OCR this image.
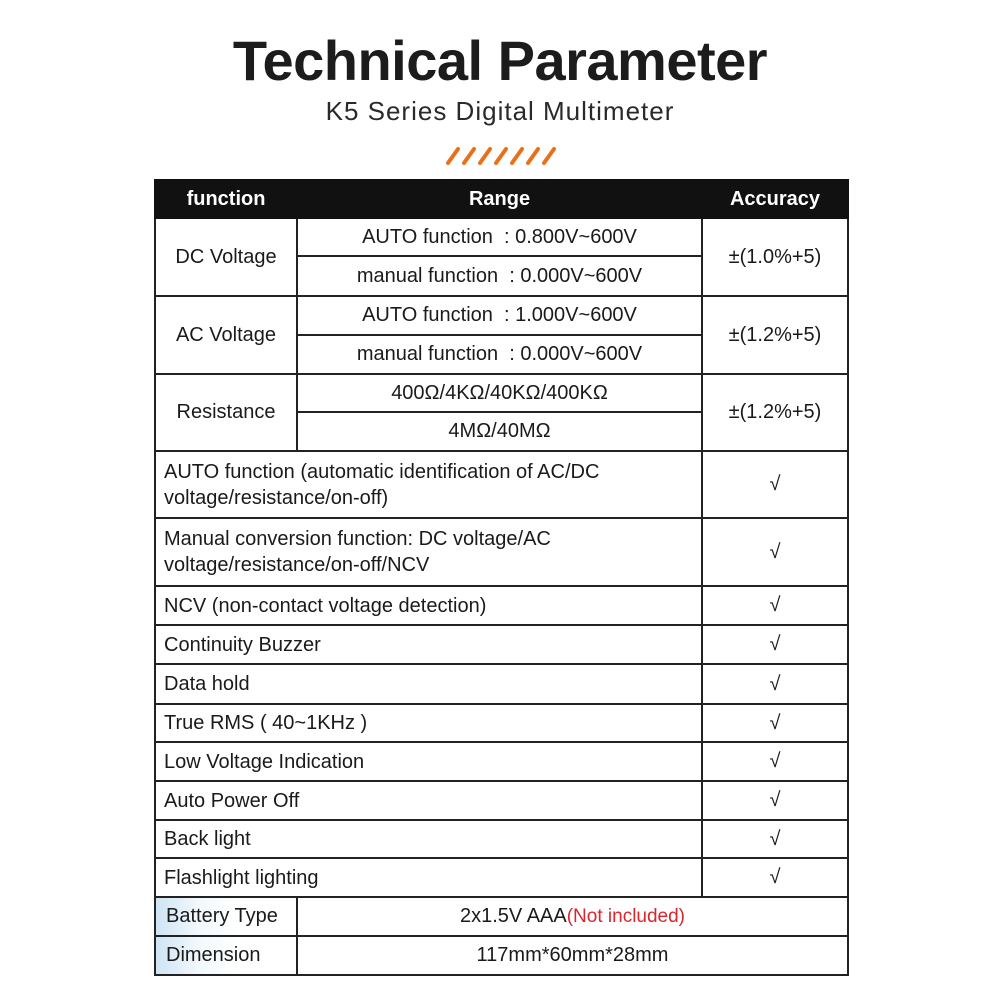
Technical Parameter
K5 Series Digital Multimeter
function	Range	Accuracy
DC Voltage	AUTO function  : 0.800V~600V	±(1.0%+5)
	manual function  : 0.000V~600V	
AC Voltage	AUTO function  : 1.000V~600V	±(1.2%+5)
	manual function  : 0.000V~600V	
Resistance	400Ω/4KΩ/40KΩ/400KΩ	±(1.2%+5)
	4MΩ/40MΩ	
AUTO function (automatic identification of AC/DC voltage/resistance/on-off)		√
Manual conversion function: DC voltage/AC voltage/resistance/on-off/NCV		√
NCV (non-contact voltage detection)		√
Continuity Buzzer		√
Data hold		√
True RMS ( 40~1KHz )		√
Low Voltage Indication		√
Auto Power Off		√
Back light		√
Flashlight lighting		√
Battery Type	2x1.5V AAA(Not included)	
Dimension	117mm*60mm*28mm	
